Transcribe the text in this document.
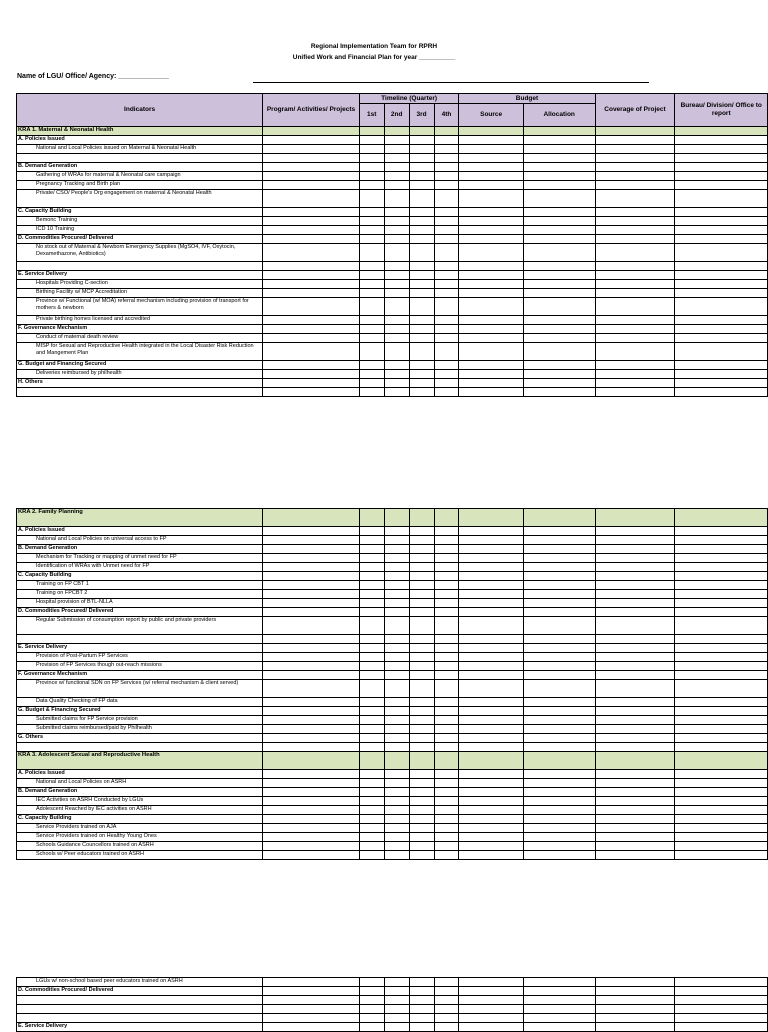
Regional Implementation Team for RPRH
Unified Work and Financial Plan for year __________
Name of LGU/ Office/ Agency: _____________
Indicators	Program/ Activities/ Projects	Timeline (Quarter)				Budget		Coverage of Project	Bureau/ Division/ Office to report
		1st	2nd	3rd	4th	Source	Allocation		
KRA 1. Maternal & Neonatal Health									
A. Policies Issued									
National and Local Policies issued on Maternal & Neonatal Health									

B. Demand Generation									
Gathering of WRAs for maternal & Neonatal care campaign									
Pregnancy Tracking and Birth plan									
Private/ CSO/ People's Org engagement on maternal & Neonatal Health									
C. Capacity Building									
Bemonc Training									
ICD 10 Training									
D. Commodities Procured/ Delivered									
No stock out of Maternal & Newborn Emergency Supplies (MgSO4, IVF, Oxytocin, Dexamethazone, Antibiotics)									

E. Service Delivery									
Hospitals Providing C-section									
Birthing Facility w/ MCP Accreditation									
Province w/ Functional (w/ MOA) referral mechanism including provision of transport for mothers & newborn									
Private birthing homes licensed and accredited									
F. Governance Mechanism									
Conduct of maternal death review									
MISP for Sexual and Reproductive Health integrated in the Local Disaster Risk Reduction and Mangement Plan									
G. Budget and Financing Secured									
Deliveries reimbursed by philhealth									
H. Others									

KRA 2. Family Planning									
A. Policies Issued									
National and Local Policies on universal access to FP									
B. Demand Generation									
Mechanism for Tracking or mapping of unmet need for FP									
Identification of WRAs with Unmet need for FP									
C. Capacity Building									
Training on FP CBT 1									
Training on FPCBT 2									
Hospital provision of BTL-NLLA									
D. Commodities Procured/ Delivered									
Regular Submission of consumption report by public and private providers									

E. Service Delivery									
Provision of Post-Partum FP Services									
Provision of FP Services though out-reach missions									
F. Governance Mechanism									
Province w/ functional SDN on FP Services (w/ referral mechanism & client served)									
Data Quality Checking of FP data									
G. Budget & Financing Secured									
Submitted claims for FP Service provision									
Submitted claims reimbursed/paid by Philhealth									
G. Others									

KRA 3. Adolescent Sexual and Reproductive Health									
A. Policies Issued									
National and Local Policies on ASRH									
B. Demand Generation									
IEC Activities on ASRH Conducted by LGUs									
Adolescent Reached by IEC activities on ASRH									
C. Capacity Building									
Service Providers trained on AJA									
Service Providers trained on Healthy Young Ones									
Schools Guidance Councellors trained on ASRH									
Schools w/ Peer educators trained on ASRH									
LGUs w/ non-school based peer educators trained on ASRH									
D. Commodities Procured/ Delivered									

E. Service Delivery									
